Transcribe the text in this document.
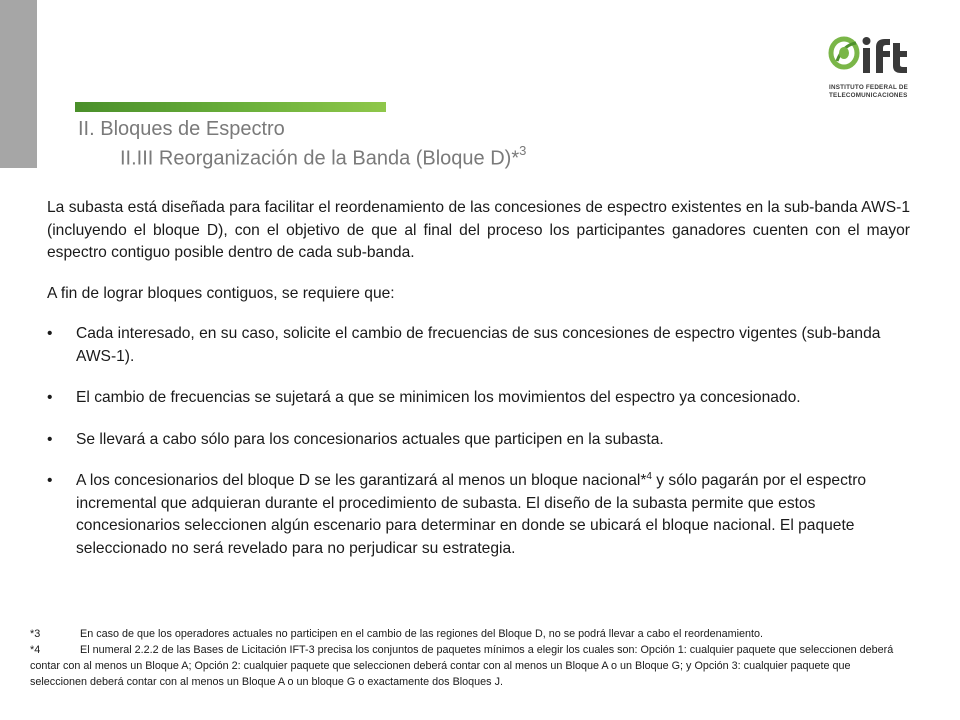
II. Bloques de Espectro
II.III Reorganización de la Banda (Bloque D)*$^3$
INSTITUTO FEDERAL DE
TELECOMUNICACIONES

La subasta está diseñada para facilitar el reordenamiento de las concesiones de espectro existentes en la sub-banda AWS-1 (incluyendo el bloque D), con el objetivo de que al final del proceso los participantes ganadores cuenten con el mayor espectro contiguo posible dentro de cada sub-banda.

A fin de lograr bloques contiguos, se requiere que:

• Cada interesado, en su caso, solicite el cambio de frecuencias de sus concesiones de espectro vigentes (sub-banda AWS-1).
• El cambio de frecuencias se sujetará a que se minimicen los movimientos del espectro ya concesionado.
• Se llevará a cabo sólo para los concesionarios actuales que participen en la subasta.
• A los concesionarios del bloque D se les garantizará al menos un bloque nacional*$^4$ y sólo pagarán por el espectro incremental que adquieran durante el procedimiento de subasta. El diseño de la subasta permite que estos concesionarios seleccionen algún escenario para determinar en donde se ubicará el bloque nacional. El paquete seleccionado no será revelado para no perjudicar su estrategia.

*3	En caso de que los operadores actuales no participen en el cambio de las regiones del Bloque D, no se podrá llevar a cabo el reordenamiento.

*4	El numeral 2.2.2 de las Bases de Licitación IFT-3 precisa los conjuntos de paquetes mínimos a elegir los cuales son: Opción 1: cualquier paquete que seleccionen deberá contar con al menos un Bloque A; Opción 2: cualquier paquete que seleccionen deberá contar con al menos un Bloque A o un Bloque G; y Opción 3: cualquier paquete que seleccionen deberá contar con al menos un Bloque A o un bloque G o exactamente dos Bloques J.
